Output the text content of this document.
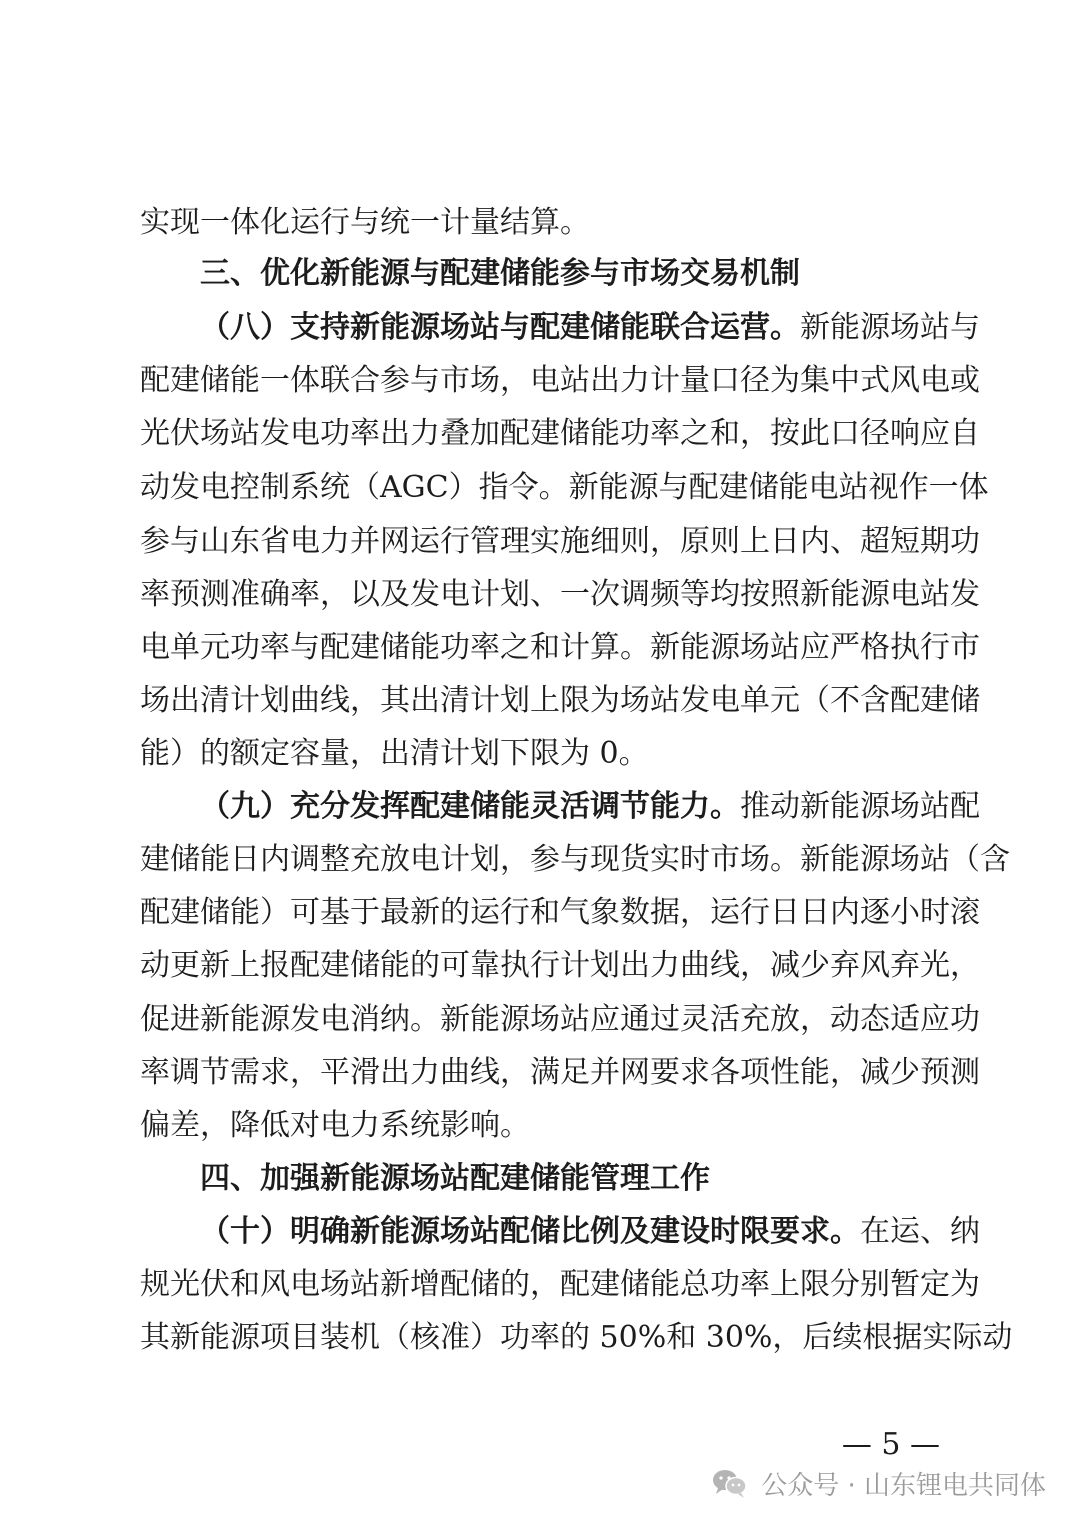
实现一体化运行与统一计量结算。
三、优化新能源与配建储能参与市场交易机制
（八）支持新能源场站与配建储能联合运营。新能源场站与
配建储能一体联合参与市场，电站出力计量口径为集中式风电或
光伏场站发电功率出力叠加配建储能功率之和，按此口径响应自
动发电控制系统（AGC）指令。新能源与配建储能电站视作一体
参与山东省电力并网运行管理实施细则，原则上日内、超短期功
率预测准确率，以及发电计划、一次调频等均按照新能源电站发
电单元功率与配建储能功率之和计算。新能源场站应严格执行市
场出清计划曲线，其出清计划上限为场站发电单元（不含配建储
能）的额定容量，出清计划下限为 0。
（九）充分发挥配建储能灵活调节能力。推动新能源场站配
建储能日内调整充放电计划，参与现货实时市场。新能源场站（含
配建储能）可基于最新的运行和气象数据，运行日日内逐小时滚
动更新上报配建储能的可靠执行计划出力曲线，减少弃风弃光，
促进新能源发电消纳。新能源场站应通过灵活充放，动态适应功
率调节需求，平滑出力曲线，满足并网要求各项性能，减少预测
偏差，降低对电力系统影响。
四、加强新能源场站配建储能管理工作
（十）明确新能源场站配储比例及建设时限要求。在运、纳
规光伏和风电场站新增配储的，配建储能总功率上限分别暂定为
其新能源项目装机（核准）功率的 50%和 30%，后续根据实际动
— 5 —
公众号 · 山东锂电共同体
